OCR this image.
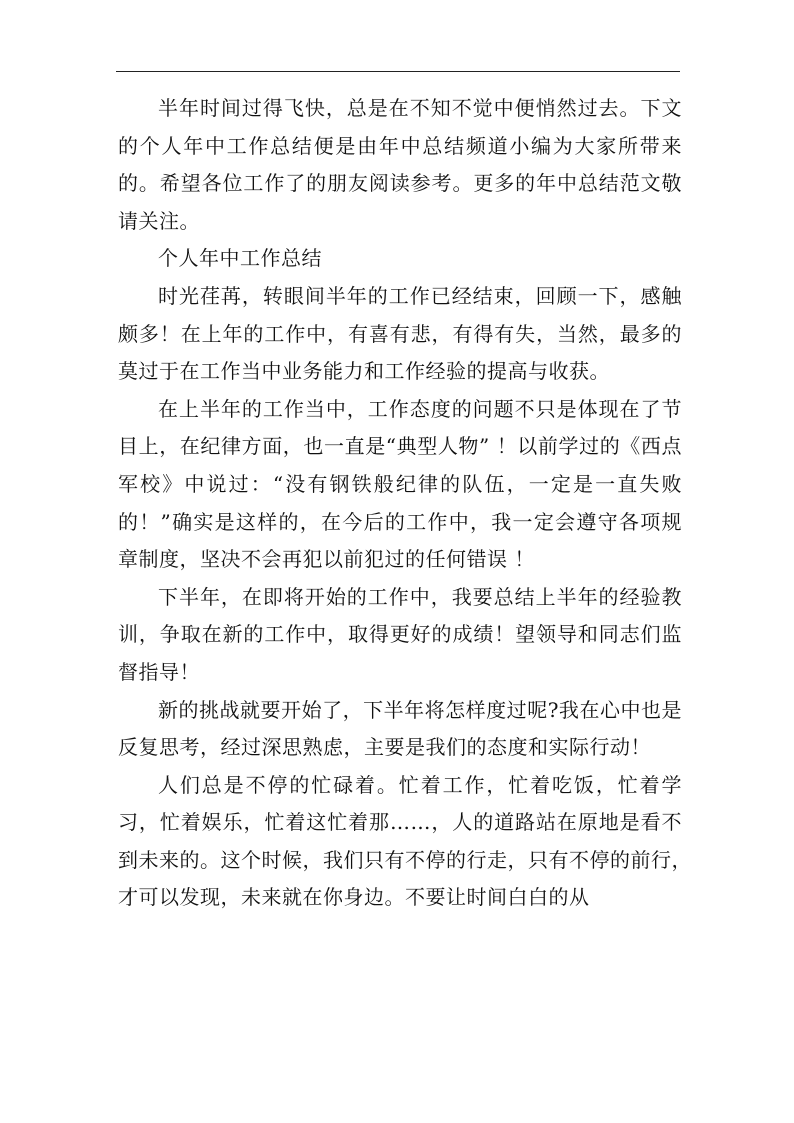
半年时间过得飞快，总是在不知不觉中便悄然过去。下文的个人年中工作总结便是由年中总结频道小编为大家所带来的。希望各位工作了的朋友阅读参考。更多的年中总结范文敬请关注。

个人年中工作总结

时光荏苒，转眼间半年的工作已经结束，回顾一下，感触颇多！在上年的工作中，有喜有悲，有得有失，当然，最多的莫过于在工作当中业务能力和工作经验的提高与收获。

在上半年的工作当中，工作态度的问题不只是体现在了节目上，在纪律方面，也一直是“典型人物” ！以前学过的《西点军校》中说过：“没有钢铁般纪律的队伍，一定是一直失败的！”确实是这样的，在今后的工作中，我一定会遵守各项规章制度，坚决不会再犯以前犯过的任何错误 ！

下半年，在即将开始的工作中，我要总结上半年的经验教训，争取在新的工作中，取得更好的成绩！望领导和同志们监督指导！

新的挑战就要开始了，下半年将怎样度过呢?我在心中也是反复思考，经过深思熟虑，主要是我们的态度和实际行动！

人们总是不停的忙碌着。忙着工作，忙着吃饭，忙着学习，忙着娱乐，忙着这忙着那……，人的道路站在原地是看不到未来的。这个时候，我们只有不停的行走，只有不停的前行，　才可以发现，未来就在你身边。不要让时间白白的从
